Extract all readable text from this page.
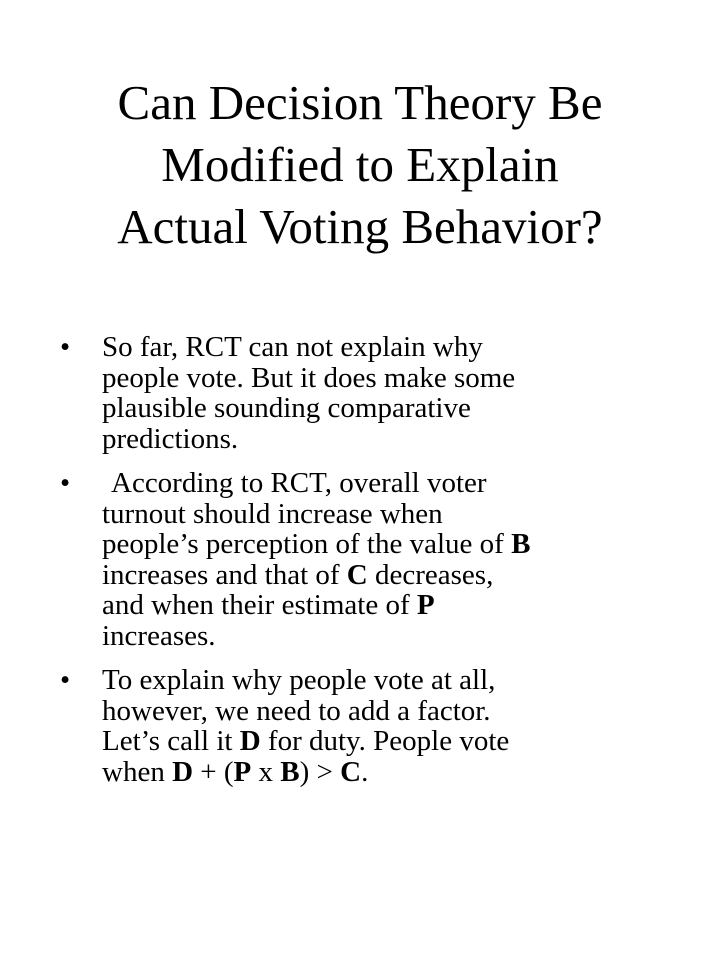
Can Decision Theory Be
Modified to Explain
Actual Voting Behavior?
•	So far, RCT can not explain why
people vote. But it does make some
plausible sounding comparative
predictions.
•	According to RCT, overall voter
turnout should increase when
people’s perception of the value of B
increases and that of C decreases,
and when their estimate of P
increases.
•	To explain why people vote at all,
however, we need to add a factor.
Let’s call it D for duty. People vote
when D + (P x B) > C.
